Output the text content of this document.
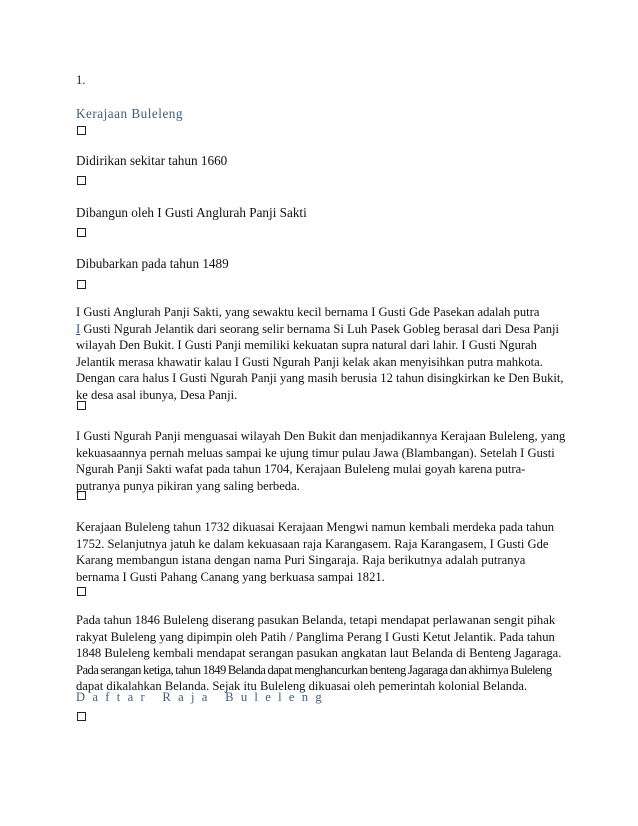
1.

Kerajaan Buleleng

Didirikan sekitar tahun 1660

Dibangun oleh I Gusti Anglurah Panji Sakti

Dibubarkan pada tahun 1489

I Gusti Anglurah Panji Sakti, yang sewaktu kecil bernama I Gusti Gde Pasekan adalah putra
I Gusti Ngurah Jelantik dari seorang selir bernama Si Luh Pasek Gobleg berasal dari Desa Panji
wilayah Den Bukit. I Gusti Panji memiliki kekuatan supra natural dari lahir. I Gusti Ngurah
Jelantik merasa khawatir kalau I Gusti Ngurah Panji kelak akan menyisihkan putra mahkota.
Dengan cara halus I Gusti Ngurah Panji yang masih berusia 12 tahun disingkirkan ke Den Bukit,
ke desa asal ibunya, Desa Panji.
I Gusti Ngurah Panji menguasai wilayah Den Bukit dan menjadikannya Kerajaan Buleleng, yang
kekuasaannya pernah meluas sampai ke ujung timur pulau Jawa (Blambangan). Setelah I Gusti
Ngurah Panji Sakti wafat pada tahun 1704, Kerajaan Buleleng mulai goyah karena putra-
putranya punya pikiran yang saling berbeda.
Kerajaan Buleleng tahun 1732 dikuasai Kerajaan Mengwi namun kembali merdeka pada tahun
1752. Selanjutnya jatuh ke dalam kekuasaan raja Karangasem. Raja Karangasem, I Gusti Gde
Karang membangun istana dengan nama Puri Singaraja. Raja berikutnya adalah putranya
bernama I Gusti Pahang Canang yang berkuasa sampai 1821.
Pada tahun 1846 Buleleng diserang pasukan Belanda, tetapi mendapat perlawanan sengit pihak
rakyat Buleleng yang dipimpin oleh Patih / Panglima Perang I Gusti Ketut Jelantik. Pada tahun
1848 Buleleng kembali mendapat serangan pasukan angkatan laut Belanda di Benteng Jagaraga.
Pada serangan ketiga, tahun 1849 Belanda dapat menghancurkan benteng Jagaraga dan akhirnya Buleleng
dapat dikalahkan Belanda. Sejak itu Buleleng dikuasai oleh pemerintah kolonial Belanda.

Daftar Raja Buleleng
